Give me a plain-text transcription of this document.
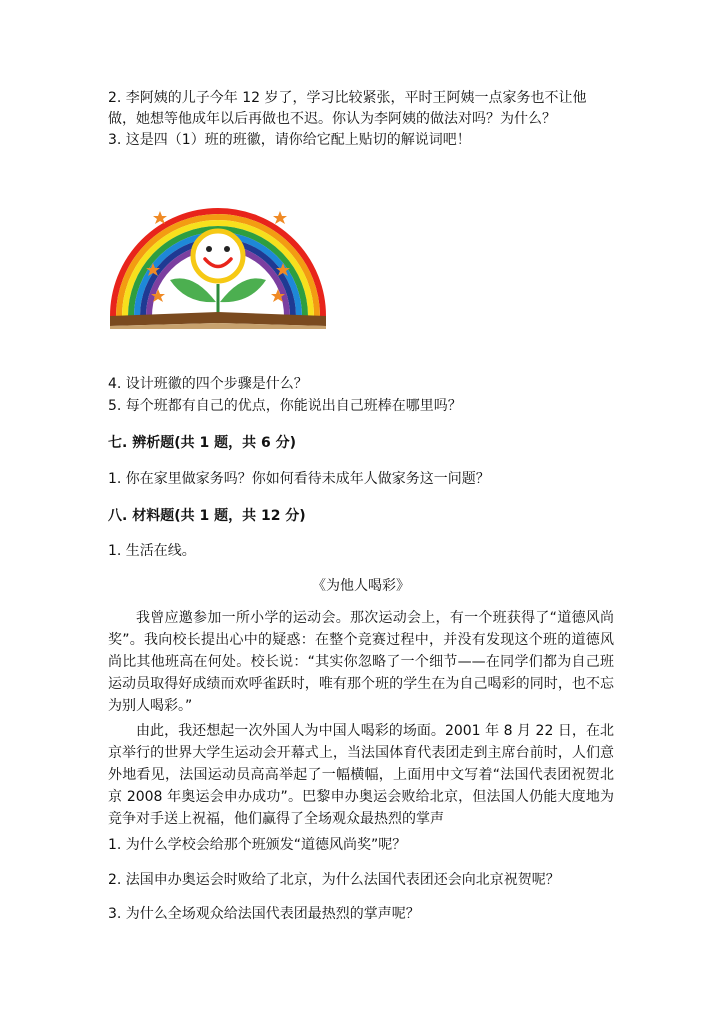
2. 李阿姨的儿子今年 12 岁了，学习比较紧张，平时王阿姨一点家务也不让他
做，她想等他成年以后再做也不迟。你认为李阿姨的做法对吗？为什么？
3. 这是四（1）班的班徽，请你给它配上贴切的解说词吧！
4. 设计班徽的四个步骤是什么？
5. 每个班都有自己的优点，你能说出自己班棒在哪里吗？
七. 辨析题(共 1 题，共 6 分)
1. 你在家里做家务吗？你如何看待未成年人做家务这一问题？
八. 材料题(共 1 题，共 12 分)
1. 生活在线。
《为他人喝彩》
我曾应邀参加一所小学的运动会。那次运动会上，有一个班获得了“道德风尚奖”。我向校长提出心中的疑惑：在整个竞赛过程中，并没有发现这个班的道德风尚比其他班高在何处。校长说：“其实你忽略了一个细节——在同学们都为自己班运动员取得好成绩而欢呼雀跃时，唯有那个班的学生在为自己喝彩的同时，也不忘为别人喝彩。”
由此，我还想起一次外国人为中国人喝彩的场面。2001 年 8 月 22 日，在北京举行的世界大学生运动会开幕式上，当法国体育代表团走到主席台前时，人们意外地看见，法国运动员高高举起了一幅横幅，上面用中文写着“法国代表团祝贺北京 2008 年奥运会申办成功”。巴黎申办奥运会败给北京，但法国人仍能大度地为竞争对手送上祝福，他们赢得了全场观众最热烈的掌声
1. 为什么学校会给那个班颁发“道德风尚奖”呢？
2. 法国申办奥运会时败给了北京，为什么法国代表团还会向北京祝贺呢？
3. 为什么全场观众给法国代表团最热烈的掌声呢？
